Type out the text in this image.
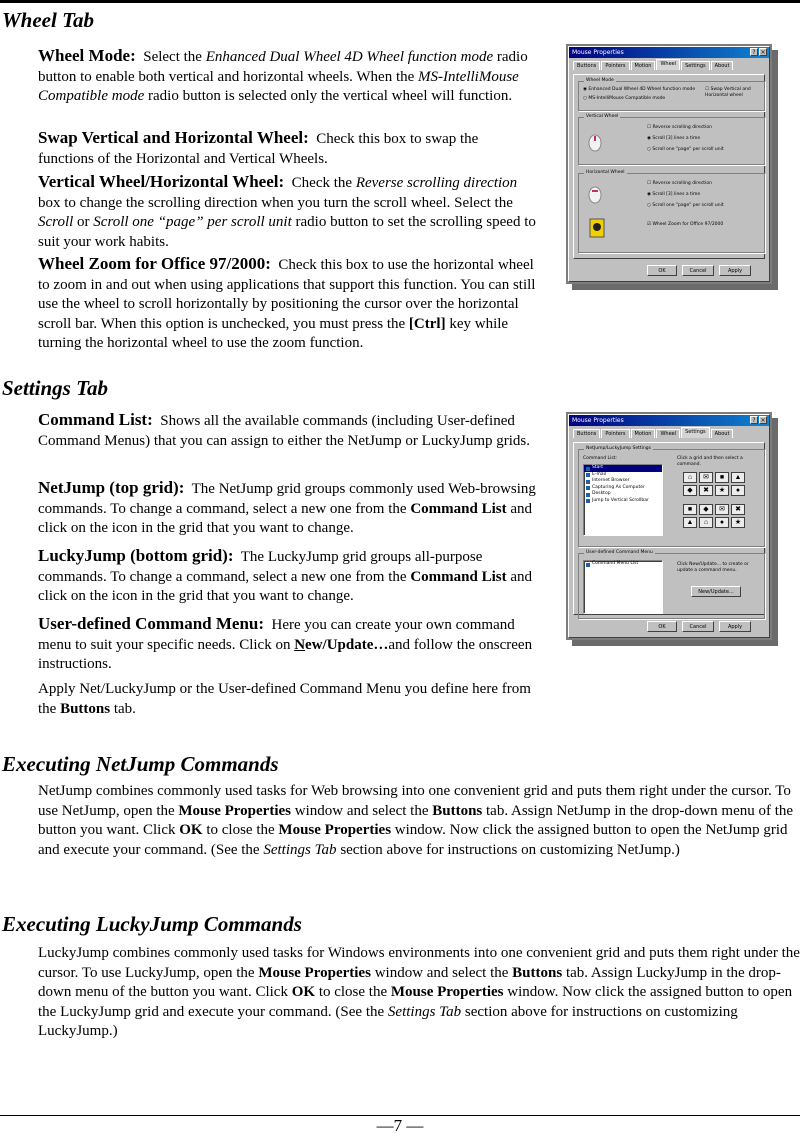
Wheel Tab

Wheel Mode: Select the Enhanced Dual Wheel 4D Wheel function mode radio button to enable both vertical and horizontal wheels. When the MS-IntelliMouse Compatible mode radio button is selected only the vertical wheel will function.

Swap Vertical and Horizontal Wheel: Check this box to swap the functions of the Horizontal and Vertical Wheels.

Vertical Wheel/Horizontal Wheel: Check the Reverse scrolling direction box to change the scrolling direction when you turn the scroll wheel. Select the Scroll or Scroll one “page” per scroll unit radio button to set the scrolling speed to suit your work habits.

Wheel Zoom for Office 97/2000: Check this box to use the horizontal wheel to zoom in and out when using applications that support this function. You can still use the wheel to scroll horizontally by positioning the cursor over the horizontal scroll bar. When this option is unchecked, you must press the [Ctrl] key while turning the horizontal wheel to use the zoom function.

Mouse Properties	? ×
Buttons	Pointers	Motion	Wheel	Settings	About
Wheel Mode
◉ Enhanced Dual Wheel 4D Wheel function mode
○ MS-IntelliMouse Compatible mode
☐ Swap Vertical and Horizontal wheel
Vertical Wheel
☐ Reverse scrolling direction
◉ Scroll [3] lines a time
○ Scroll one "page" per scroll unit
Horizontal Wheel
☐ Reverse scrolling direction
◉ Scroll [3] lines a time
○ Scroll one "page" per scroll unit
☑ Wheel Zoom for Office 97/2000
OK	Cancel	Apply
Settings Tab

Command List: Shows all the available commands (including User-defined Command Menus) that you can assign to either the NetJump or LuckyJump grids.

NetJump (top grid): The NetJump grid groups commonly used Web-browsing commands. To change a command, select a new one from the Command List and click on the icon in the grid that you want to change.

LuckyJump (bottom grid): The LuckyJump grid groups all-purpose commands. To change a command, select a new one from the Command List and click on the icon in the grid that you want to change.

User-defined Command Menu: Here you can create your own command menu to suit your specific needs. Click on New/Update…and follow the onscreen instructions.

Apply Net/LuckyJump or the User-defined Command Menu you define here from the Buttons tab.

Mouse Properties	? ×
Buttons	Pointers	Motion	Wheel	Settings	About
NetJump/LuckyJump Settings
Command List:
Start
E-mail
Internet Browser
Capturing As Computer
Desktop
Jump to Vertical Scrollbar
Click a grid and then select a command.
⌂	✉	■	▲
◆	✖	★	●
■	◆	✉	✖
▲	⌂	●	★
User-defined Command Menu
Command Menu List	Click New/Update... to create or update a command menu.
New/Update...
OK	Cancel	Apply
Executing NetJump Commands

NetJump combines commonly used tasks for Web browsing into one convenient grid and puts them right under the cursor. To use NetJump, open the Mouse Properties window and select the Buttons tab. Assign NetJump in the drop-down menu of the button you want. Click OK to close the Mouse Properties window. Now click the assigned button to open the NetJump grid and execute your command. (See the Settings Tab section above for instructions on customizing NetJump.)

Executing LuckyJump Commands

LuckyJump combines commonly used tasks for Windows environments into one convenient grid and puts them right under the cursor. To use LuckyJump, open the Mouse Properties window and select the Buttons tab. Assign LuckyJump in the drop-down menu of the button you want. Click OK to close the Mouse Properties window. Now click the assigned button to open the LuckyJump grid and execute your command. (See the Settings Tab section above for instructions on customizing LuckyJump.)

—7 —
